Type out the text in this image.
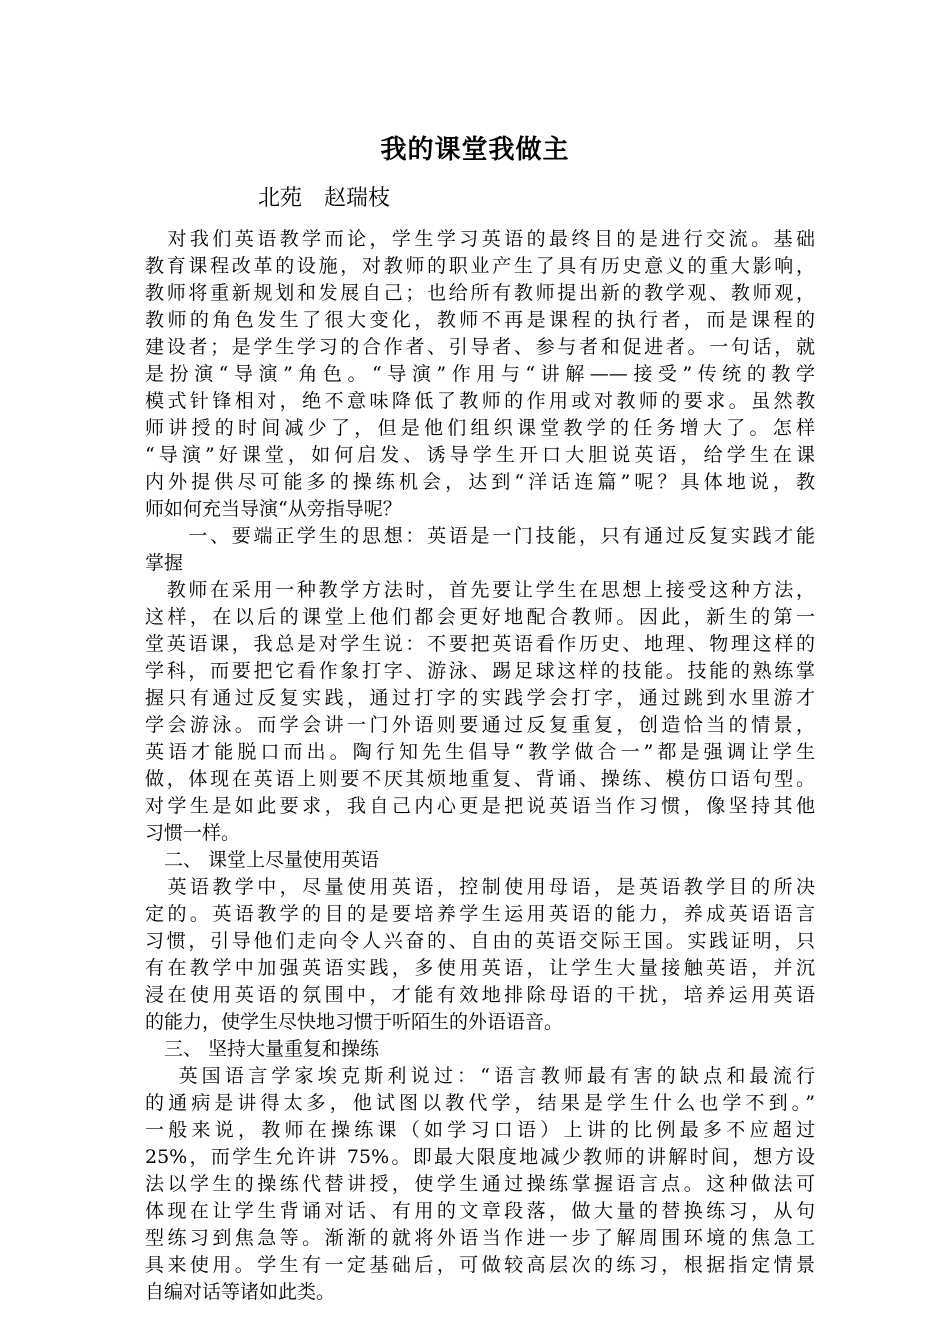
我的课堂我做主
北苑　赵瑞枝
　对我们英语教学而论，学生学习英语的最终目的是进行交流。基础
教育课程改革的设施，对教师的职业产生了具有历史意义的重大影响，
教师将重新规划和发展自己；也给所有教师提出新的教学观、教师观，
教师的角色发生了很大变化，教师不再是课程的执行者，而是课程的
建设者；是学生学习的合作者、引导者、参与者和促进者。一句话，就
是扮演“导演”角色。“导演”作用与“讲解——接受”传统的教学
模式针锋相对，绝不意味降低了教师的作用或对教师的要求。虽然教
师讲授的时间减少了，但是他们组织课堂教学的任务增大了。怎样
“导演”好课堂，如何启发、诱导学生开口大胆说英语，给学生在课
内外提供尽可能多的操练机会，达到“洋话连篇”呢？具体地说，教
师如何充当导演“从旁指导呢？
　　一、要端正学生的思想：英语是一门技能，只有通过反复实践才能
掌握
　教师在采用一种教学方法时，首先要让学生在思想上接受这种方法，
这样，在以后的课堂上他们都会更好地配合教师。因此，新生的第一
堂英语课，我总是对学生说：不要把英语看作历史、地理、物理这样的
学科，而要把它看作象打字、游泳、踢足球这样的技能。技能的熟练掌
握只有通过反复实践，通过打字的实践学会打字，通过跳到水里游才
学会游泳。而学会讲一门外语则要通过反复重复，创造恰当的情景，
英语才能脱口而出。陶行知先生倡导“教学做合一”都是强调让学生
做，体现在英语上则要不厌其烦地重复、背诵、操练、模仿口语句型。
对学生是如此要求，我自己内心更是把说英语当作习惯，像坚持其他
习惯一样。
　二、 课堂上尽量使用英语
　英语教学中，尽量使用英语，控制使用母语，是英语教学目的所决
定的。英语教学的目的是要培养学生运用英语的能力，养成英语语言
习惯，引导他们走向令人兴奋的、自由的英语交际王国。实践证明，只
有在教学中加强英语实践，多使用英语，让学生大量接触英语，并沉
浸在使用英语的氛围中，才能有效地排除母语的干扰，培养运用英语
的能力，使学生尽快地习惯于听陌生的外语语音。
　三、 坚持大量重复和操练
　 英国语言学家埃克斯利说过：“语言教师最有害的缺点和最流行
的通病是讲得太多，他试图以教代学，结果是学生什么也学不到。”
一般来说，教师在操练课（如学习口语）上讲的比例最多不应超过
25%，而学生允许讲 75%。即最大限度地减少教师的讲解时间，想方设
法以学生的操练代替讲授，使学生通过操练掌握语言点。这种做法可
体现在让学生背诵对话、有用的文章段落，做大量的替换练习，从句
型练习到焦急等。渐渐的就将外语当作进一步了解周围环境的焦急工
具来使用。学生有一定基础后，可做较高层次的练习，根据指定情景
自编对话等诸如此类。
